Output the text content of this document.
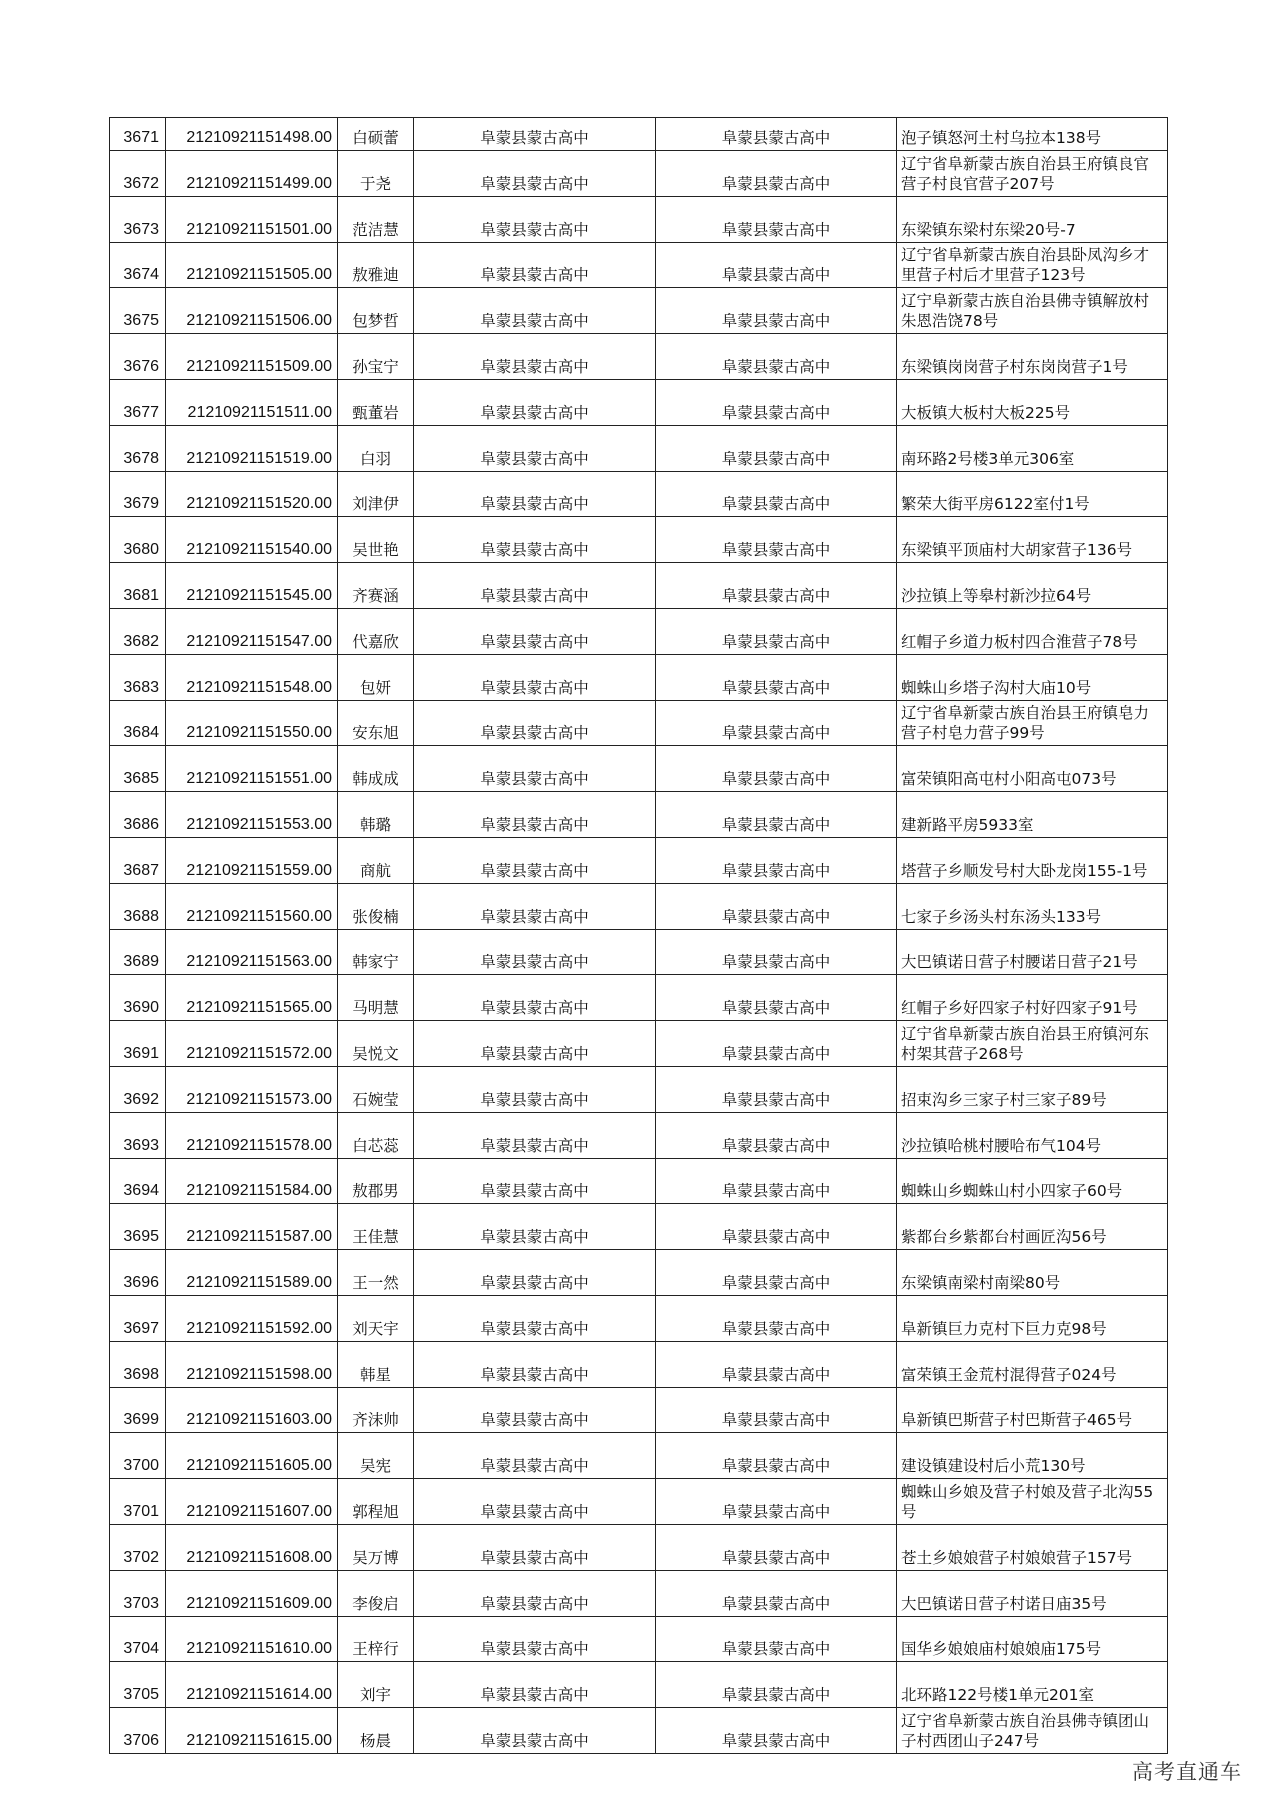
3671	21210921151498.00	白硕蕾	阜蒙县蒙古高中	阜蒙县蒙古高中	泡子镇怒河土村乌拉本138号
3672	21210921151499.00	于尧	阜蒙县蒙古高中	阜蒙县蒙古高中	辽宁省阜新蒙古族自治县王府镇良官营子村良官营子207号
3673	21210921151501.00	范洁慧	阜蒙县蒙古高中	阜蒙县蒙古高中	东梁镇东梁村东梁20号-7
3674	21210921151505.00	敖雅迪	阜蒙县蒙古高中	阜蒙县蒙古高中	辽宁省阜新蒙古族自治县卧凤沟乡才里营子村后才里营子123号
3675	21210921151506.00	包梦哲	阜蒙县蒙古高中	阜蒙县蒙古高中	辽宁阜新蒙古族自治县佛寺镇解放村朱恩浩饶78号
3676	21210921151509.00	孙宝宁	阜蒙县蒙古高中	阜蒙县蒙古高中	东梁镇岗岗营子村东岗岗营子1号
3677	21210921151511.00	甄董岩	阜蒙县蒙古高中	阜蒙县蒙古高中	大板镇大板村大板225号
3678	21210921151519.00	白羽	阜蒙县蒙古高中	阜蒙县蒙古高中	南环路2号楼3单元306室
3679	21210921151520.00	刘津伊	阜蒙县蒙古高中	阜蒙县蒙古高中	繁荣大街平房6122室付1号
3680	21210921151540.00	吴世艳	阜蒙县蒙古高中	阜蒙县蒙古高中	东梁镇平顶庙村大胡家营子136号
3681	21210921151545.00	齐赛涵	阜蒙县蒙古高中	阜蒙县蒙古高中	沙拉镇上等皋村新沙拉64号
3682	21210921151547.00	代嘉欣	阜蒙县蒙古高中	阜蒙县蒙古高中	红帽子乡道力板村四合淮营子78号
3683	21210921151548.00	包妍	阜蒙县蒙古高中	阜蒙县蒙古高中	蜘蛛山乡塔子沟村大庙10号
3684	21210921151550.00	安东旭	阜蒙县蒙古高中	阜蒙县蒙古高中	辽宁省阜新蒙古族自治县王府镇皂力营子村皂力营子99号
3685	21210921151551.00	韩成成	阜蒙县蒙古高中	阜蒙县蒙古高中	富荣镇阳高屯村小阳高屯073号
3686	21210921151553.00	韩璐	阜蒙县蒙古高中	阜蒙县蒙古高中	建新路平房5933室
3687	21210921151559.00	商航	阜蒙县蒙古高中	阜蒙县蒙古高中	塔营子乡顺发号村大卧龙岗155-1号
3688	21210921151560.00	张俊楠	阜蒙县蒙古高中	阜蒙县蒙古高中	七家子乡汤头村东汤头133号
3689	21210921151563.00	韩家宁	阜蒙县蒙古高中	阜蒙县蒙古高中	大巴镇诺日营子村腰诺日营子21号
3690	21210921151565.00	马明慧	阜蒙县蒙古高中	阜蒙县蒙古高中	红帽子乡好四家子村好四家子91号
3691	21210921151572.00	吴悦文	阜蒙县蒙古高中	阜蒙县蒙古高中	辽宁省阜新蒙古族自治县王府镇河东村架其营子268号
3692	21210921151573.00	石婉莹	阜蒙县蒙古高中	阜蒙县蒙古高中	招束沟乡三家子村三家子89号
3693	21210921151578.00	白芯蕊	阜蒙县蒙古高中	阜蒙县蒙古高中	沙拉镇哈桃村腰哈布气104号
3694	21210921151584.00	敖郡男	阜蒙县蒙古高中	阜蒙县蒙古高中	蜘蛛山乡蜘蛛山村小四家子60号
3695	21210921151587.00	王佳慧	阜蒙县蒙古高中	阜蒙县蒙古高中	紫都台乡紫都台村画匠沟56号
3696	21210921151589.00	王一然	阜蒙县蒙古高中	阜蒙县蒙古高中	东梁镇南梁村南梁80号
3697	21210921151592.00	刘天宇	阜蒙县蒙古高中	阜蒙县蒙古高中	阜新镇巨力克村下巨力克98号
3698	21210921151598.00	韩星	阜蒙县蒙古高中	阜蒙县蒙古高中	富荣镇王金荒村混得营子024号
3699	21210921151603.00	齐沫帅	阜蒙县蒙古高中	阜蒙县蒙古高中	阜新镇巴斯营子村巴斯营子465号
3700	21210921151605.00	吴宪	阜蒙县蒙古高中	阜蒙县蒙古高中	建设镇建设村后小荒130号
3701	21210921151607.00	郭程旭	阜蒙县蒙古高中	阜蒙县蒙古高中	蜘蛛山乡娘及营子村娘及营子北沟55号
3702	21210921151608.00	吴万博	阜蒙县蒙古高中	阜蒙县蒙古高中	苍土乡娘娘营子村娘娘营子157号
3703	21210921151609.00	李俊启	阜蒙县蒙古高中	阜蒙县蒙古高中	大巴镇诺日营子村诺日庙35号
3704	21210921151610.00	王梓行	阜蒙县蒙古高中	阜蒙县蒙古高中	国华乡娘娘庙村娘娘庙175号
3705	21210921151614.00	刘宇	阜蒙县蒙古高中	阜蒙县蒙古高中	北环路122号楼1单元201室
3706	21210921151615.00	杨晨	阜蒙县蒙古高中	阜蒙县蒙古高中	辽宁省阜新蒙古族自治县佛寺镇团山子村西团山子247号
高考直通车
